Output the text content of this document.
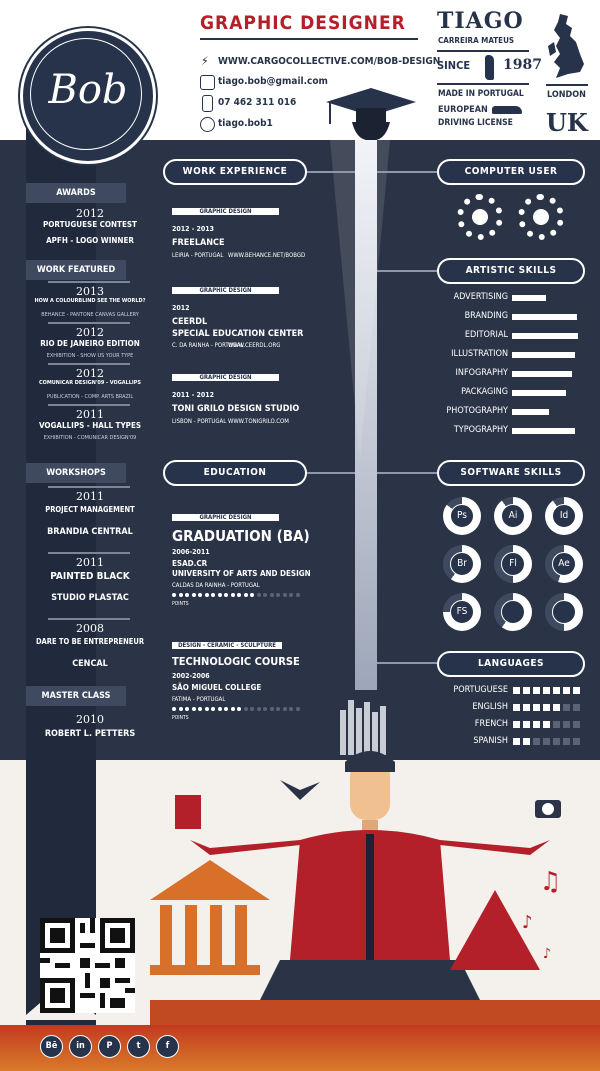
Bob
GRAPHIC DESIGNER
⚡ WWW.CARGOCOLLECTIVE.COM/BOB-DESIGN
tiago.bob@gmail.com
07 462 311 016
tiago.bob1
TIAGO
CARREIRA MATEUS
SINCE 1987
MADE IN PORTUGAL
EUROPEAN
DRIVING LICENSE
LONDON
UK
AWARDS
2012
PORTUGUESE CONTEST
APFH - LOGO WINNER
WORK FEATURED
WORKSHOPS
MASTER CLASS
2010
ROBERT L. PETTERS
WORK EXPERIENCE
EDUCATION
COMPUTER USER
ARTISTIC SKILLS
SOFTWARE SKILLS
LANGUAGES
♫
♪
♪
2013
HOW A COLOURBLIND SEE THE WORLD?
BEHANCE - PANTONE CANVAS GALLERY
2012
RIO DE JANEIRO EDITION
EXHIBITION - SHOW US YOUR TYPE
2012
COMUNICAR DESIGN'09 - VOGALLIPS
PUBLICATION - COMP. ARTS BRAZIL
2011
VOGALLIPS - HALL TYPES
EXHIBITION - COMUNICAR DESIGN'09
2011
PROJECT MANAGEMENT
BRANDIA CENTRAL
2011
PAINTED BLACK
STUDIO PLASTAC
2008
DARE TO BE ENTREPRENEUR
CENCAL
GRAPHIC DESIGN
2012 - 2013
FREELANCE
LEIRIA - PORTUGAL WWW.BEHANCE.NET/BOBGD
GRAPHIC DESIGN
2012
CEERDL
SPECIAL EDUCATION CENTER
C. DA RAINHA - PORTUGAL
WWW.CEERDL.ORG
GRAPHIC DESIGN
2011 - 2012
TONI GRILO DESIGN STUDIO
LISBON - PORTUGAL WWW.TONIGRILO.COM
GRAPHIC DESIGN
GRADUATION (BA)
2006-2011
ESAD.CR
UNIVERSITY OF ARTS AND DESIGN
CALDAS DA RAINHA - PORTUGAL
POINTS
DESIGN - CERAMIC - SCULPTURE
TECHNOLOGIC COURSE
2002-2006
SÃO MIGUEL COLLEGE
FATIMA - PORTUGAL
POINTS
ADVERTISING
BRANDING
EDITORIAL
ILLUSTRATION
INFOGRAPHY
PACKAGING
PHOTOGRAPHY
TYPOGRAPHY
Ps	Ai	Id
Br	Fl	Ae
FS
PORTUGUESE
ENGLISH
FRENCH
SPANISH
Bē	in	P	t	f
